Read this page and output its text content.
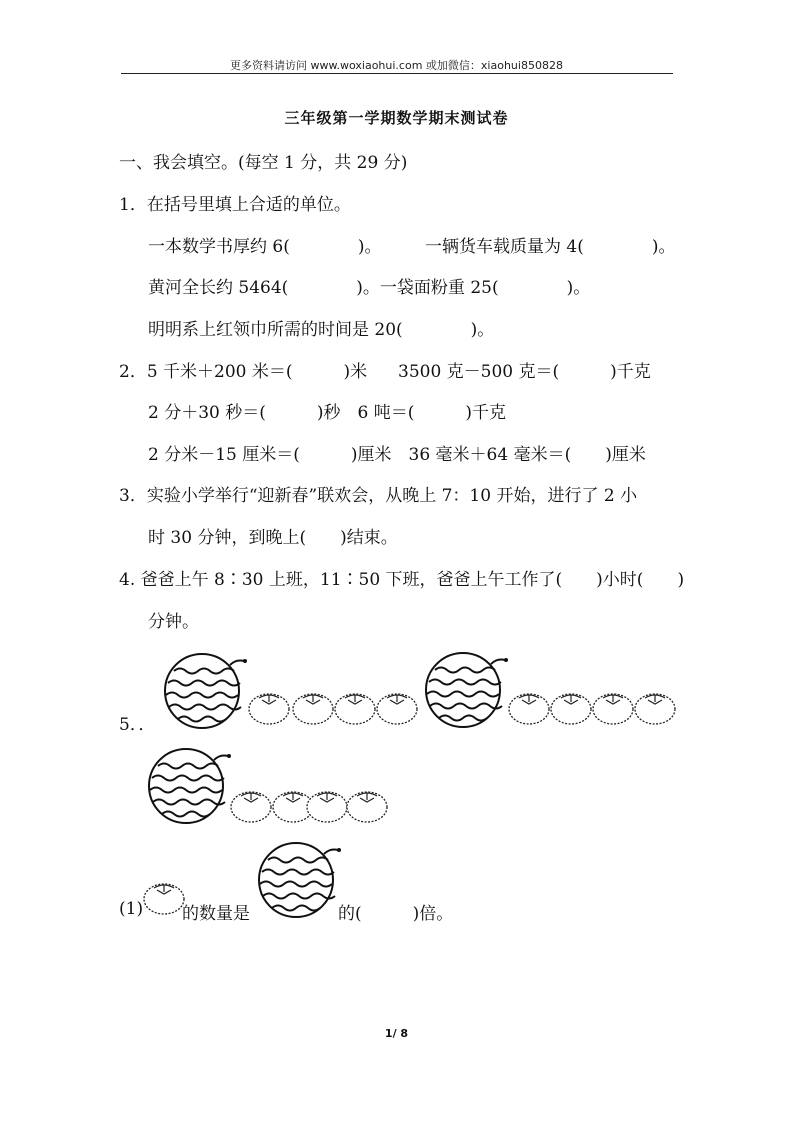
更多资料请访问 www.woxiaohui.com 或加微信：xiaohui850828
三年级第一学期数学期末测试卷
一、我会填空。(每空 1 分，共 29 分)
1．在括号里填上合适的单位。
一本数学书厚约 6(　　　　)。	一辆货车载质量为 4(　　　　)。
黄河全长约 5464(　　　　)。一袋面粉重 25(　　　　)。
明明系上红领巾所需的时间是 20(　　　　)。
2．5 千米＋200 米＝(　　　)米 3500 克－500 克＝(　　　)千克
2 分＋30 秒＝(　　　)秒　6 吨＝(　　　)千克
2 分米－15 厘米＝(　　　)厘米　36 毫米＋64 毫米＝(　　)厘米
3．实验小学举行“迎新春”联欢会，从晚上 7：10 开始，进行了 2 小
时 30 分钟，到晚上(　　)结束。
4. 爸爸上午 8∶30 上班，11∶50 下班，爸爸上午工作了(　　)小时(　　)
分钟。
5．．
(1) 的数量是	的(　　　)倍。
1/ 8
